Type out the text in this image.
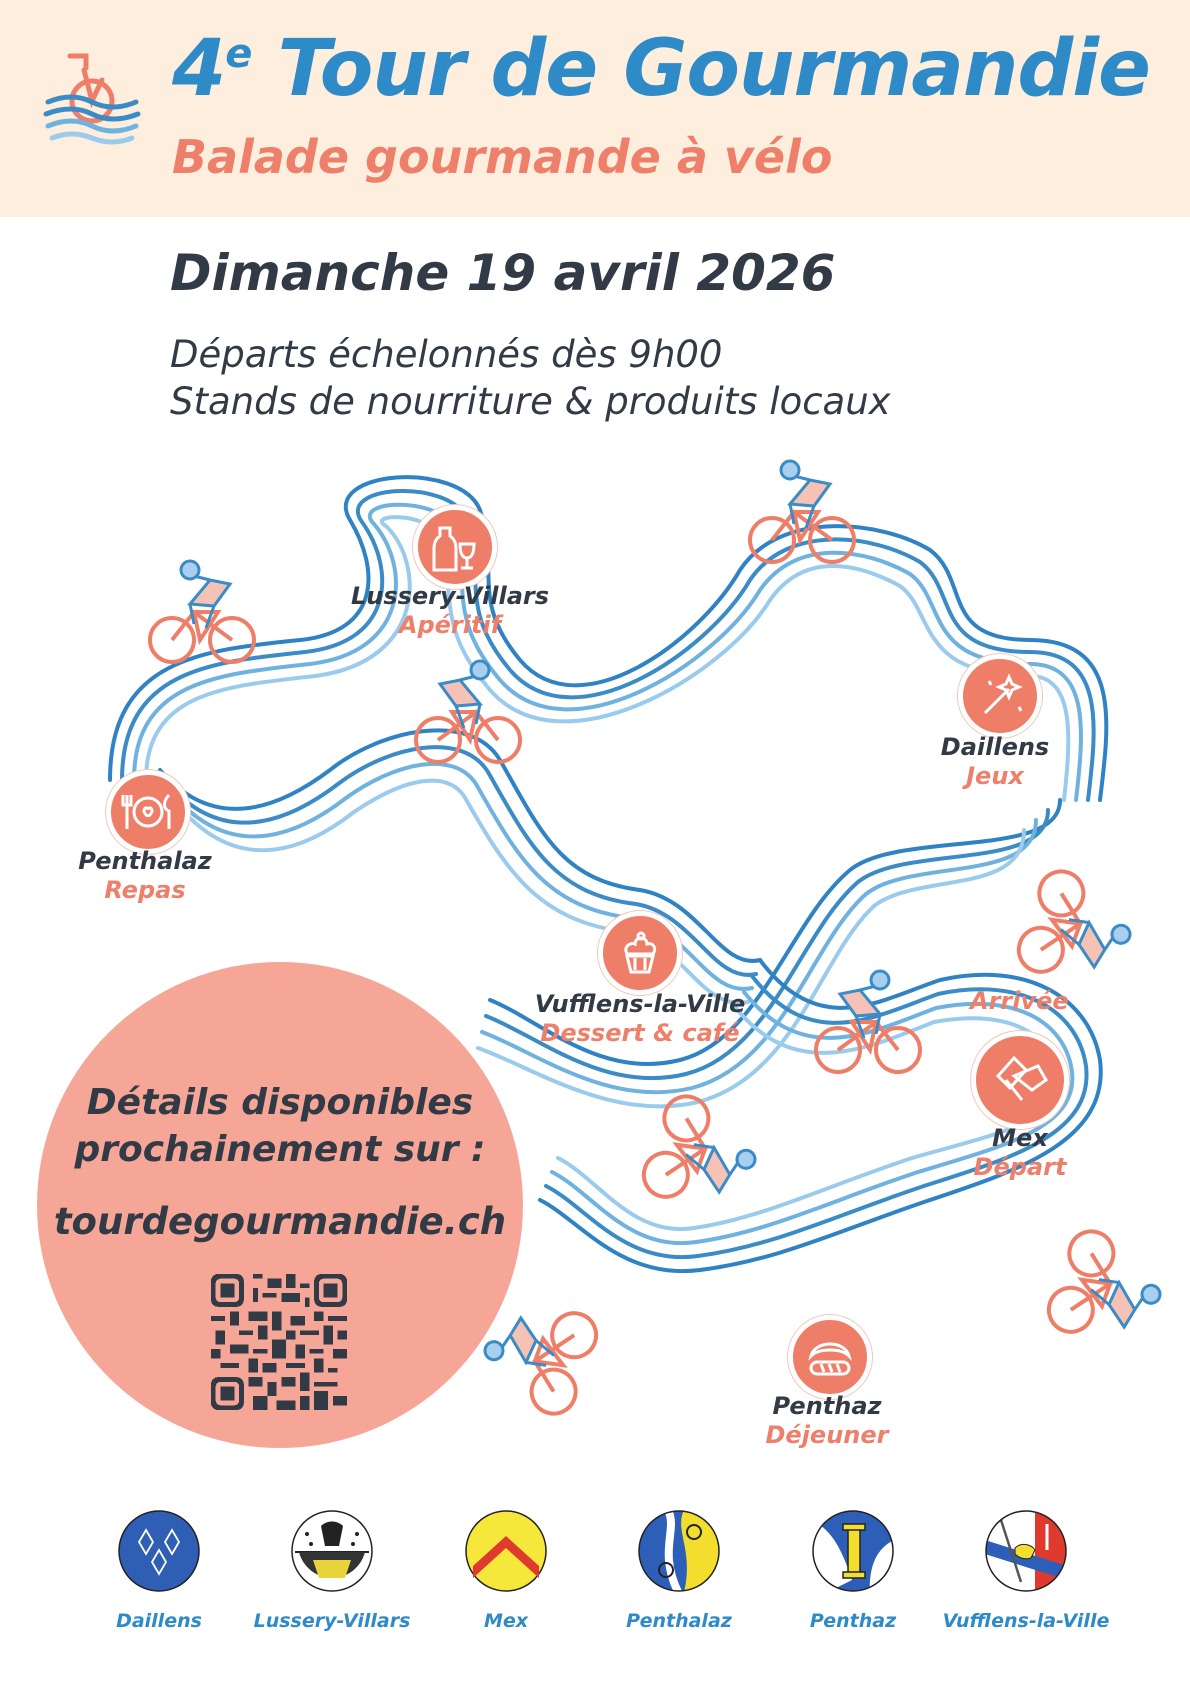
4e Tour de Gourmandie
Balade gourmande à vélo
Dimanche 19 avril 2026
Départs échelonnés dès 9h00
Stands de nourriture & produits locaux
Lussery-Villars
Apéritif
Daillens
Jeux
Penthalaz
Repas
Vufflens-la-Ville
Dessert & café
Arrivée
Mex
Départ
Penthaz
Déjeuner
Détails disponibles
prochainement sur :
tourdegourmandie.ch
Daillens	Lussery-Villars	Mex	Penthalaz	Penthaz	Vufflens-la-Ville
